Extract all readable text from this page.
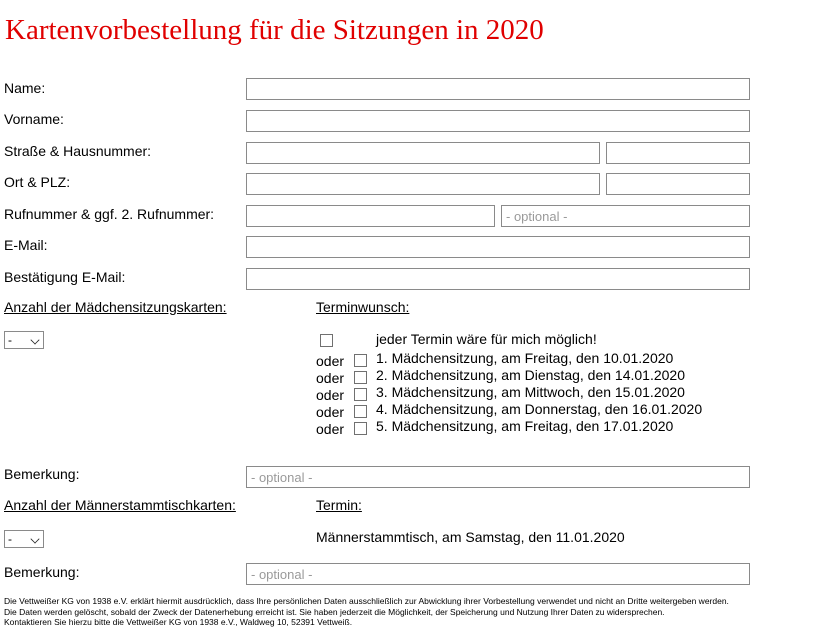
Kartenvorbestellung für die Sitzungen in 2020
Name:
Vorname:
Straße & Hausnummer:
Ort & PLZ:
Rufnummer & ggf. 2. Rufnummer:
- optional -
E-Mail:
Bestätigung E-Mail:
Anzahl der Mädchensitzungskarten:	Terminwunsch:
-	jeder Termin wäre für mich möglich!
oder 1. Mädchensitzung, am Freitag, den 10.01.2020
oder 2. Mädchensitzung, am Dienstag, den 14.01.2020
oder 3. Mädchensitzung, am Mittwoch, den 15.01.2020
oder 4. Mädchensitzung, am Donnerstag, den 16.01.2020
oder 5. Mädchensitzung, am Freitag, den 17.01.2020
Bemerkung:
- optional -
Anzahl der Männerstammtischkarten:	Termin:
-	Männerstammtisch, am Samstag, den 11.01.2020
Bemerkung:
- optional -
Die Vettweißer KG von 1938 e.V. erklärt hiermit ausdrücklich, dass Ihre persönlichen Daten ausschließlich zur Abwicklung ihrer Vorbestellung verwendet und nicht an Dritte weitergeben werden.
Die Daten werden gelöscht, sobald der Zweck der Datenerhebung erreicht ist. Sie haben jederzeit die Möglichkeit, der Speicherung und Nutzung Ihrer Daten zu widersprechen.
Kontaktieren Sie hierzu bitte die Vettweißer KG von 1938 e.V., Waldweg 10, 52391 Vettweiß.
